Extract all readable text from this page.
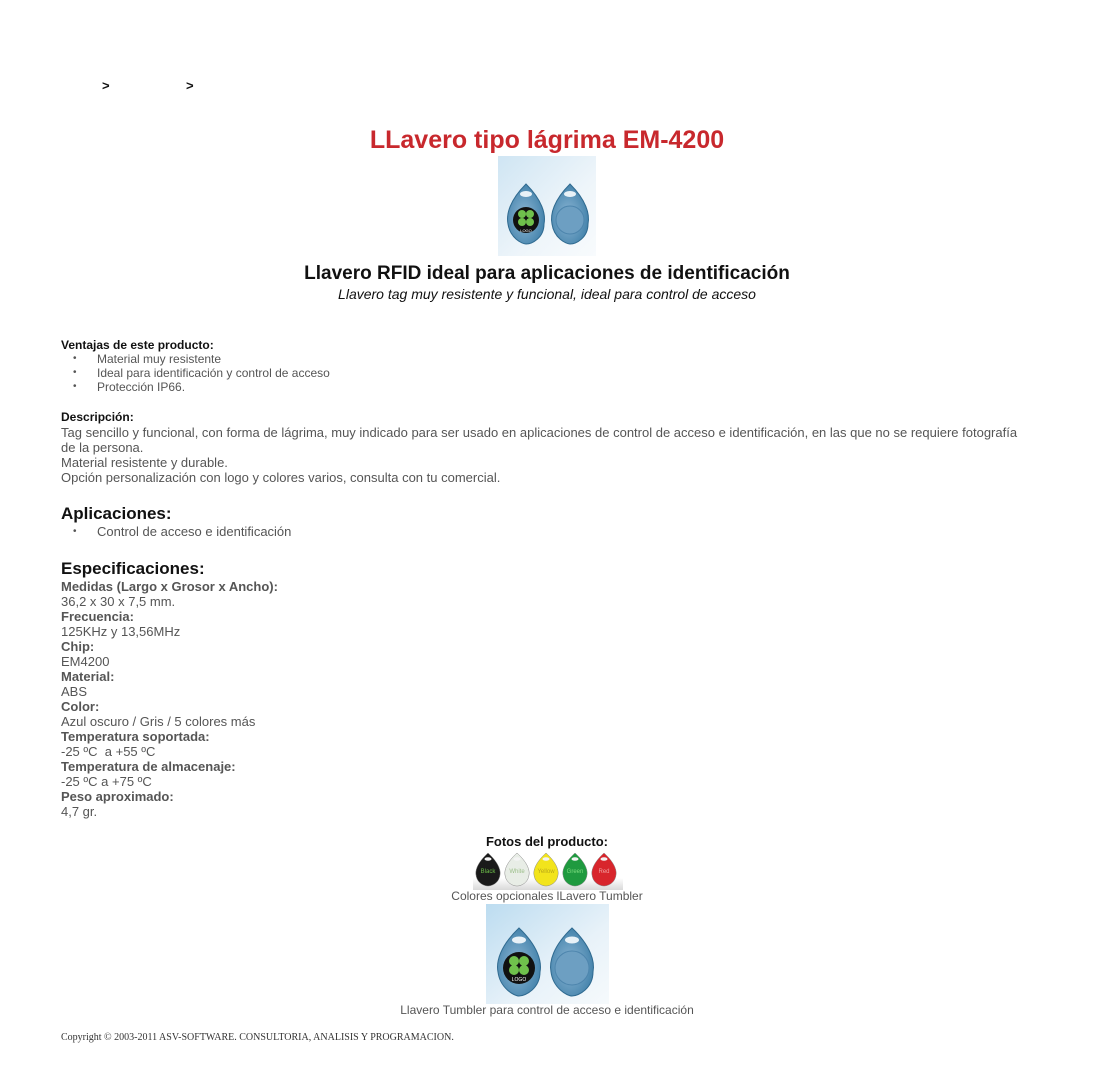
>	>
LLavero tipo lágrima EM-4200
LOGO
Llavero RFID ideal para aplicaciones de identificación
Llavero tag muy resistente y funcional, ideal para control de acceso
Ventajas de este producto:
• Material muy resistente
• Ideal para identificación y control de acceso
• Protección IP66.
Descripción:
Tag sencillo y funcional, con forma de lágrima, muy indicado para ser usado en aplicaciones de control de acceso e identificación, en las que no se requiere fotografía de la persona.
Material resistente y durable.
Opción personalización con logo y colores varios, consulta con tu comercial.
Aplicaciones:
• Control de acceso e identificación
Especificaciones:
Medidas (Largo x Grosor x Ancho):
36,2 x 30 x 7,5 mm.
Frecuencia:
125KHz y 13,56MHz
Chip:
EM4200
Material:
ABS
Color:
Azul oscuro / Gris / 5 colores más
Temperatura soportada:
-25 ºC  a +55 ºC
Temperatura de almacenaje:
-25 ºC a +75 ºC
Peso aproximado:
4,7 gr.
Fotos del producto:
Black White Yellow Green	Red
Colores opcionales lLavero Tumbler
LOGO
Llavero Tumbler para control de acceso e identificación
Copyright © 2003-2011 ASV-SOFTWARE. CONSULTORIA, ANALISIS Y PROGRAMACION.
